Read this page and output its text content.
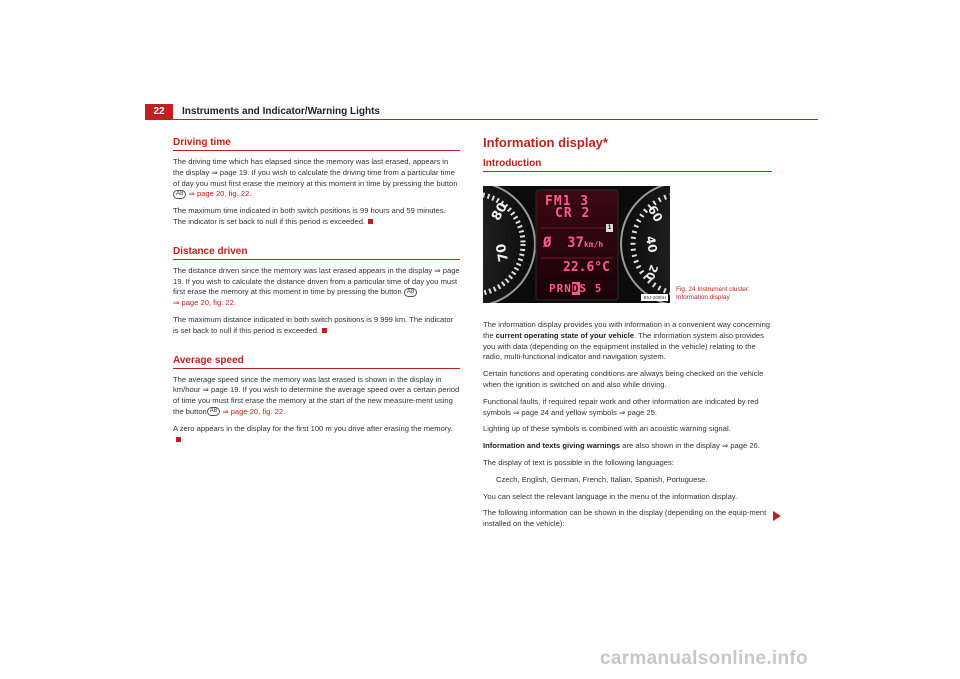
22	Instruments and Indicator/Warning Lights
Driving time

The driving time which has elapsed since the memory was last erased, appears in the display ⇒ page 19. If you wish to calculate the driving time from a particular time of day you must first erase the memory at this moment in time by pressing the button
A8 ⇒ page 20, fig. 22.

The maximum time indicated in both switch positions is 99 hours and 59 minutes. The indicator is set back to null if this period is exceeded.

Distance driven

The distance driven since the memory was last erased appears in the display ⇒ page 19. If you wish to calculate the distance driven from a particular time of day you must first erase the memory at this moment in time by pressing the button A8
⇒ page 20, fig. 22.

The maximum distance indicated in both switch positions is 9 999 km. The indicator is set back to null if this period is exceeded.

Average speed

The average speed since the memory was last erased is shown in the display in km/hour ⇒ page 19. If you wish to determine the average speed over a certain period of time you must first erase the memory at the start of the new measure-ment using the button A8 ⇒ page 20, fig. 22.

A zero appears in the display for the first 100 m you drive after erasing the memory.

Information display*
Introduction
80
70
60
40
20
FM1 3
CR 2
Ø 37km/h
1
22.6°C
PRNDS 5
B5J-2006H
Fig. 24 Instrument cluster:
Information display

The information display provides you with information in a convenient way concerning the current operating state of your vehicle. The information system also provides you with data (depending on the equipment installed in the vehicle) relating to the radio, multi-functional indicator and navigation system.

Certain functions and operating conditions are always being checked on the vehicle when the ignition is switched on and also while driving.

Functional faults, if required repair work and other information are indicated by red symbols ⇒ page 24 and yellow symbols ⇒ page 25.

Lighting up of these symbols is combined with an acoustic warning signal.

Information and texts giving warnings are also shown in the display ⇒ page 26.

The display of text is possible in the following languages:

Czech, English, German, French, Italian, Spanish, Portuguese.

You can select the relevant language in the menu of the information display.

The following information can be shown in the display (depending on the equip-ment installed on the vehicle):

carmanualsonline.info
